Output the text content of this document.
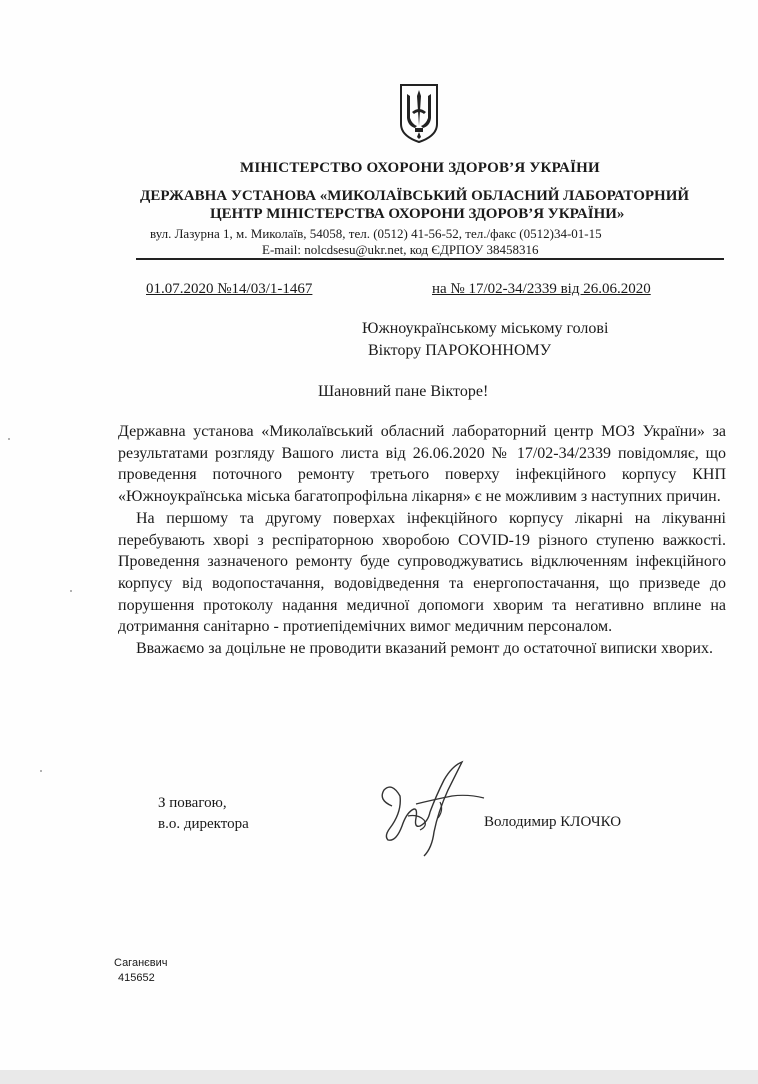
МІНІСТЕРСТВО ОХОРОНИ ЗДОРОВ’Я УКРАЇНИ
ДЕРЖАВНА УСТАНОВА «МИКОЛАЇВСЬКИЙ ОБЛАСНИЙ ЛАБОРАТОРНИЙ
ЦЕНТР МІНІСТЕРСТВА ОХОРОНИ ЗДОРОВ’Я УКРАЇНИ»
вул. Лазурна 1, м. Миколаїв, 54058, тел. (0512) 41-56-52, тел./факс (0512)34-01-15
E-mail: nolcdsesu@ukr.net, код ЄДРПОУ 38458316
01.07.2020 №14/03/1-1467	на № 17/02-34/2339 від 26.06.2020
Южноукраїнському міському голові
Віктору ПАРОКОННОМУ
Шановний пане Вікторе!

Державна установа «Миколаївський обласний лабораторний центр МОЗ України» за результатами розгляду Вашого листа від 26.06.2020 № 17/02-34/2339 повідомляє, що проведення поточного ремонту третього поверху інфекційного корпусу КНП «Южноукраїнська міська багатопрофільна лікарня» є не можливим з наступних причин.

На першому та другому поверхах інфекційного корпусу лікарні на лікуванні перебувають хворі з респіраторною хворобою COVID-19 різного ступеню важкості. Проведення зазначеного ремонту буде супроводжуватись відключенням інфекційного корпусу від водопостачання, водовідведення та енергопостачання, що призведе до порушення протоколу надання медичної допомоги хворим та негативно вплине на дотримання санітарно - протиепідемічних вимог медичним персоналом.

Вважаємо за доцільне не проводити вказаний ремонт до остаточної виписки хворих.

З повагою,
в.о. директора	Володимир КЛОЧКО
Саганєвич
415652
